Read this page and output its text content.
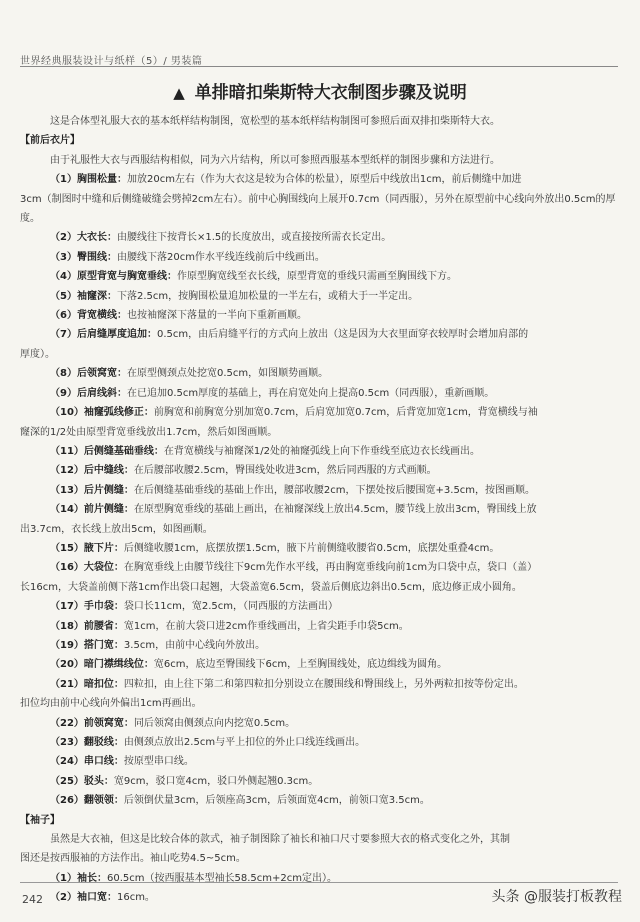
世界经典服装设计与纸样（5）/ 男装篇
▲ 单排暗扣柴斯特大衣制图步骤及说明

这是合体型礼服大衣的基本纸样结构制图，宽松型的基本纸样结构制图可参照后面双排扣柴斯特大衣。

【前后衣片】

由于礼服性大衣与西服结构相似，同为六片结构，所以可参照西服基本型纸样的制图步骤和方法进行。

（1）胸围松量：加放20cm左右（作为大衣这是较为合体的松量），原型后中线放出1cm，前后侧缝中加进

3cm（制图时中缝和后侧缝破缝会劈掉2cm左右）。前中心胸围线向上展开0.7cm（同西服），另外在原型前中心线向外放出0.5cm的厚度。

（2）大衣长：由腰线往下按背长×1.5的长度放出，或直接按所需衣长定出。

（3）臀围线：由腰线下落20cm作水平线连线前后中线画出。

（4）原型背宽与胸宽垂线：作原型胸宽线至衣长线，原型背宽的垂线只需画至胸围线下方。

（5）袖窿深：下落2.5cm，按胸围松量追加松量的一半左右，或稍大于一半定出。

（6）背宽横线：也按袖窿深下落量的一半向下重新画顺。

（7）后肩缝厚度追加：0.5cm，由后肩缝平行的方式向上放出（这是因为大衣里面穿衣较厚时会增加肩部的

厚度）。

（8）后领窝宽：在原型侧颈点处挖宽0.5cm，如图顺势画顺。

（9）后肩线斜：在已追加0.5cm厚度的基础上，再在肩宽处向上提高0.5cm（同西服），重新画顺。

（10）袖窿弧线修正：前胸宽和前胸宽分别加宽0.7cm，后肩宽加宽0.7cm，后背宽加宽1cm，背宽横线与袖

窿深的1/2处由原型背宽垂线放出1.7cm，然后如图画顺。

（11）后侧缝基础垂线：在背宽横线与袖窿深1/2处的袖窿弧线上向下作垂线至底边衣长线画出。

（12）后中缝线：在后腰部收腰2.5cm，臀围线处收进3cm，然后同西服的方式画顺。

（13）后片侧缝：在后侧缝基础垂线的基础上作出，腰部收腰2cm，下摆处按后腰围宽+3.5cm，按图画顺。

（14）前片侧缝：在原型胸宽垂线的基础上画出，在袖窿深线上放出4.5cm，腰节线上放出3cm，臀围线上放

出3.7cm，衣长线上放出5cm，如图画顺。

（15）腋下片：后侧缝收腰1cm，底摆放摆1.5cm，腋下片前侧缝收腰省0.5cm，底摆处重叠4cm。

（16）大袋位：在胸宽垂线上由腰节线往下9cm先作水平线，再由胸宽垂线向前1cm为口袋中点，袋口（盖）

长16cm，大袋盖前侧下落1cm作出袋口起翘，大袋盖宽6.5cm，袋盖后侧底边斜出0.5cm，底边修正成小圆角。

（17）手巾袋：袋口长11cm，宽2.5cm，（同西服的方法画出）

（18）前腰省：宽1cm，在前大袋口进2cm作垂线画出，上省尖距手巾袋5cm。

（19）搭门宽：3.5cm，由前中心线向外放出。

（20）暗门襟缉线位：宽6cm，底边至臀围线下6cm，上至胸围线处，底边缉线为圆角。

（21）暗扣位：四粒扣，由上往下第二和第四粒扣分别设立在腰围线和臀围线上，另外两粒扣按等份定出。

扣位均由前中心线向外偏出1cm再画出。

（22）前领窝宽：同后领窝由侧颈点向内挖宽0.5cm。

（23）翻驳线：由侧颈点放出2.5cm与平上扣位的外止口线连线画出。

（24）串口线：按原型串口线。

（25）驳头：宽9cm，驳口宽4cm，驳口外侧起翘0.3cm。

（26）翻领领：后领倒伏量3cm，后领座高3cm，后领面宽4cm，前领口宽3.5cm。

【袖子】

虽然是大衣袖，但这是比较合体的款式，袖子制图除了袖长和袖口尺寸要参照大衣的格式变化之外，其制

图还是按西服袖的方法作出。袖山吃势4.5~5cm。

（1）袖长：60.5cm（按西服基本型袖长58.5cm+2cm定出）。

（2）袖口宽：16cm。

242	头条 @服装打板教程
